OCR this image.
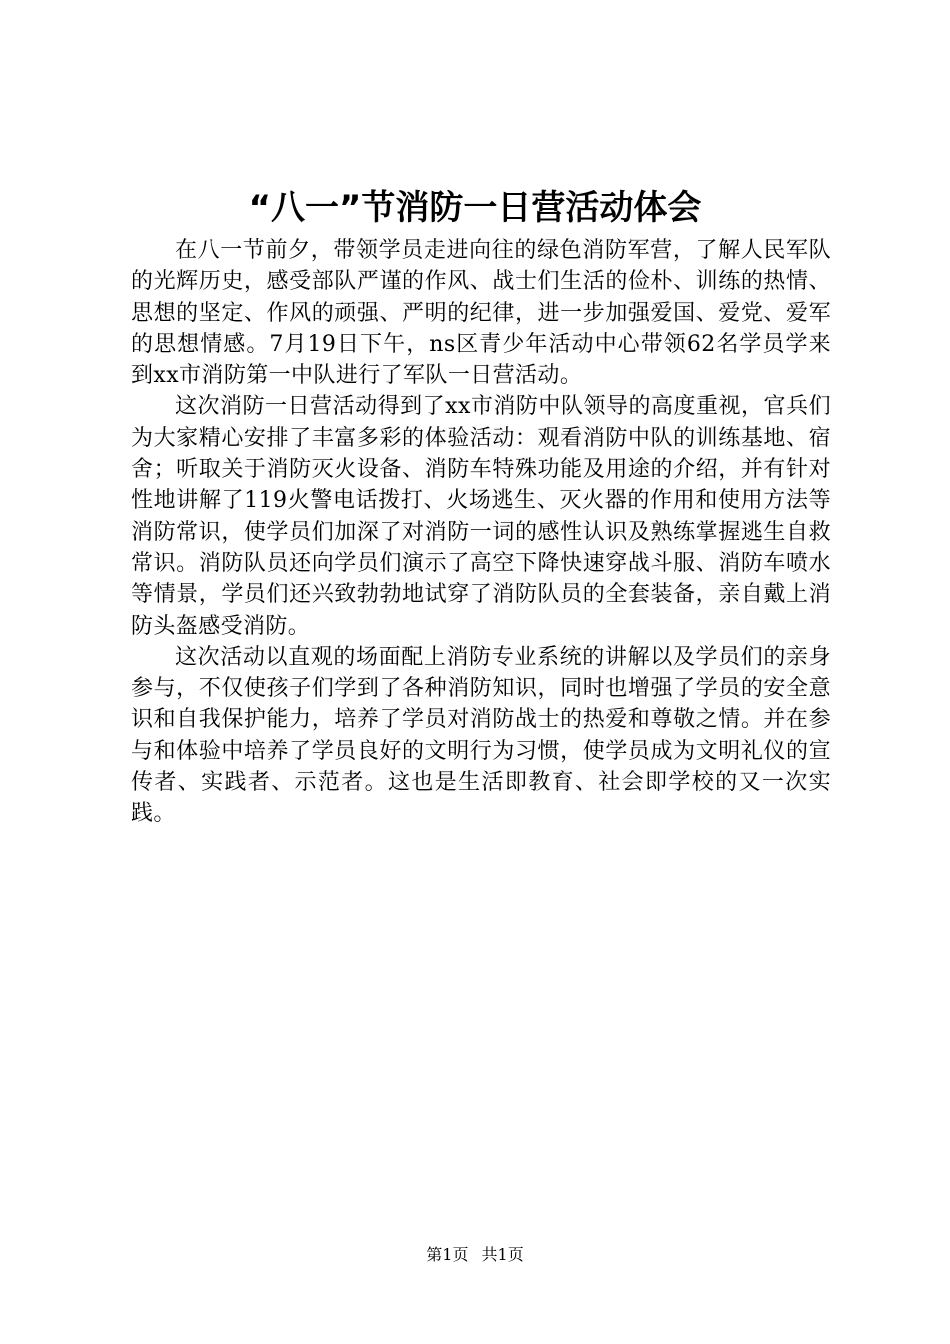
“八一”节消防一日营活动体会

在八一节前夕，带领学员走进向往的绿色消防军营，了解人民军队的光辉历史，感受部队严谨的作风、战士们生活的俭朴、训练的热情、思想的坚定、作风的顽强、严明的纪律，进一步加强爱国、爱党、爱军的思想情感。7月19日下午，ns区青少年活动中心带领62名学员学来到xx市消防第一中队进行了军队一日营活动。

这次消防一日营活动得到了xx市消防中队领导的高度重视，官兵们为大家精心安排了丰富多彩的体验活动：观看消防中队的训练基地、宿舍；听取关于消防灭火设备、消防车特殊功能及用途的介绍，并有针对性地讲解了119火警电话拨打、火场逃生、灭火器的作用和使用方法等消防常识，使学员们加深了对消防一词的感性认识及熟练掌握逃生自救常识。消防队员还向学员们演示了高空下降快速穿战斗服、消防车喷水等情景，学员们还兴致勃勃地试穿了消防队员的全套装备，亲自戴上消防头盔感受消防。

这次活动以直观的场面配上消防专业系统的讲解以及学员们的亲身参与，不仅使孩子们学到了各种消防知识，同时也增强了学员的安全意识和自我保护能力，培养了学员对消防战士的热爱和尊敬之情。并在参与和体验中培养了学员良好的文明行为习惯，使学员成为文明礼仪的宣传者、实践者、示范者。这也是生活即教育、社会即学校的又一次实践。

第1页 共1页
